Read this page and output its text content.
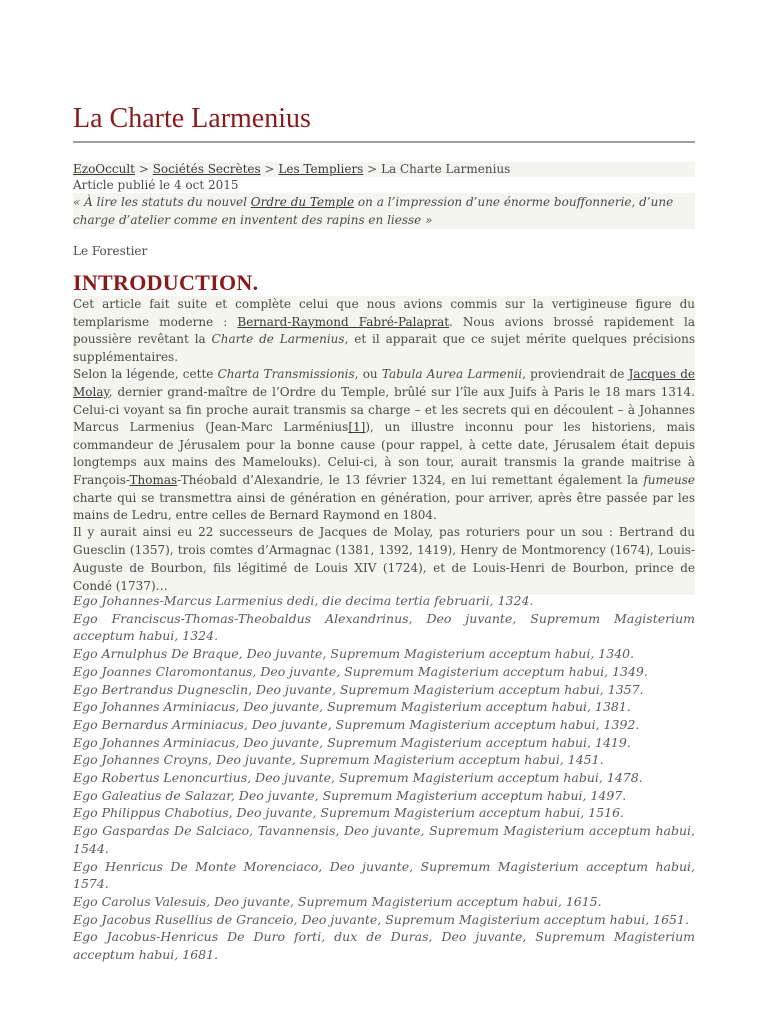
La Charte Larmenius
EzoOccult > Sociétés Secrètes > Les Templiers > La Charte Larmenius
Article publié le 4 oct 2015
« À lire les statuts du nouvel Ordre du Temple on a l’impression d’une énorme bouffonnerie, d’une charge d’atelier comme en inventent des rapins en liesse »
Le Forestier
INTRODUCTION.
Cet article fait suite et complète celui que nous avions commis sur la vertigineuse figure du templarisme moderne : Bernard-Raymond Fabré-Palaprat. Nous avions brossé rapidement la poussière revêtant la Charte de Larmenius, et il apparait que ce sujet mérite quelques précisions supplémentaires.
Selon la légende, cette Charta Transmissionis, ou Tabula Aurea Larmenii, proviendrait de Jacques de Molay, dernier grand-maître de l’Ordre du Temple, brûlé sur l’île aux Juifs à Paris le 18 mars 1314. Celui-ci voyant sa fin proche aurait transmis sa charge – et les secrets qui en découlent – à Johannes Marcus Larmenius (Jean-Marc Larménius[1]), un illustre inconnu pour les historiens, mais commandeur de Jérusalem pour la bonne cause (pour rappel, à cette date, Jérusalem était depuis longtemps aux mains des Mamelouks). Celui-ci, à son tour, aurait transmis la grande maitrise à François-Thomas-Théobald d’Alexandrie, le 13 février 1324, en lui remettant également la fumeuse charte qui se transmettra ainsi de génération en génération, pour arriver, après être passée par les mains de Ledru, entre celles de Bernard Raymond en 1804.
Il y aurait ainsi eu 22 successeurs de Jacques de Molay, pas roturiers pour un sou : Bertrand du Guesclin (1357), trois comtes d’Armagnac (1381, 1392, 1419), Henry de Montmorency (1674), Louis-Auguste de Bourbon, fils légitimé de Louis XIV (1724), et de Louis-Henri de Bourbon, prince de Condé (1737)…
Ego Johannes-Marcus Larmenius dedi, die decima tertia februarii, 1324.
Ego Franciscus-Thomas-Theobaldus Alexandrinus, Deo juvante, Supremum Magisterium acceptum habui, 1324.
Ego Arnulphus De Braque, Deo juvante, Supremum Magisterium acceptum habui, 1340.
Ego Joannes Claromontanus, Deo juvante, Supremum Magisterium acceptum habui, 1349.
Ego Bertrandus Dugnesclin, Deo juvante, Supremum Magisterium acceptum habui, 1357.
Ego Johannes Arminiacus, Deo juvante, Supremum Magisterium acceptum habui, 1381.
Ego Bernardus Arminiacus, Deo juvante, Supremum Magisterium acceptum habui, 1392.
Ego Johannes Arminiacus, Deo juvante, Supremum Magisterium acceptum habui, 1419.
Ego Johannes Croyns, Deo juvante, Supremum Magisterium acceptum habui, 1451.
Ego Robertus Lenoncurtius, Deo juvante, Supremum Magisterium acceptum habui, 1478.
Ego Galeatius de Salazar, Deo juvante, Supremum Magisterium acceptum habui, 1497.
Ego Philippus Chabotius, Deo juvante, Supremum Magisterium acceptum habui, 1516.
Ego Gaspardas De Salciaco, Tavannensis, Deo juvante, Supremum Magisterium acceptum habui, 1544.
Ego Henricus De Monte Morenciaco, Deo juvante, Supremum Magisterium acceptum habui, 1574.
Ego Carolus Valesuis, Deo juvante, Supremum Magisterium acceptum habui, 1615.
Ego Jacobus Rusellius de Granceio, Deo juvante, Supremum Magisterium acceptum habui, 1651.
Ego Jacobus-Henricus De Duro forti, dux de Duras, Deo juvante, Supremum Magisterium acceptum habui, 1681.
